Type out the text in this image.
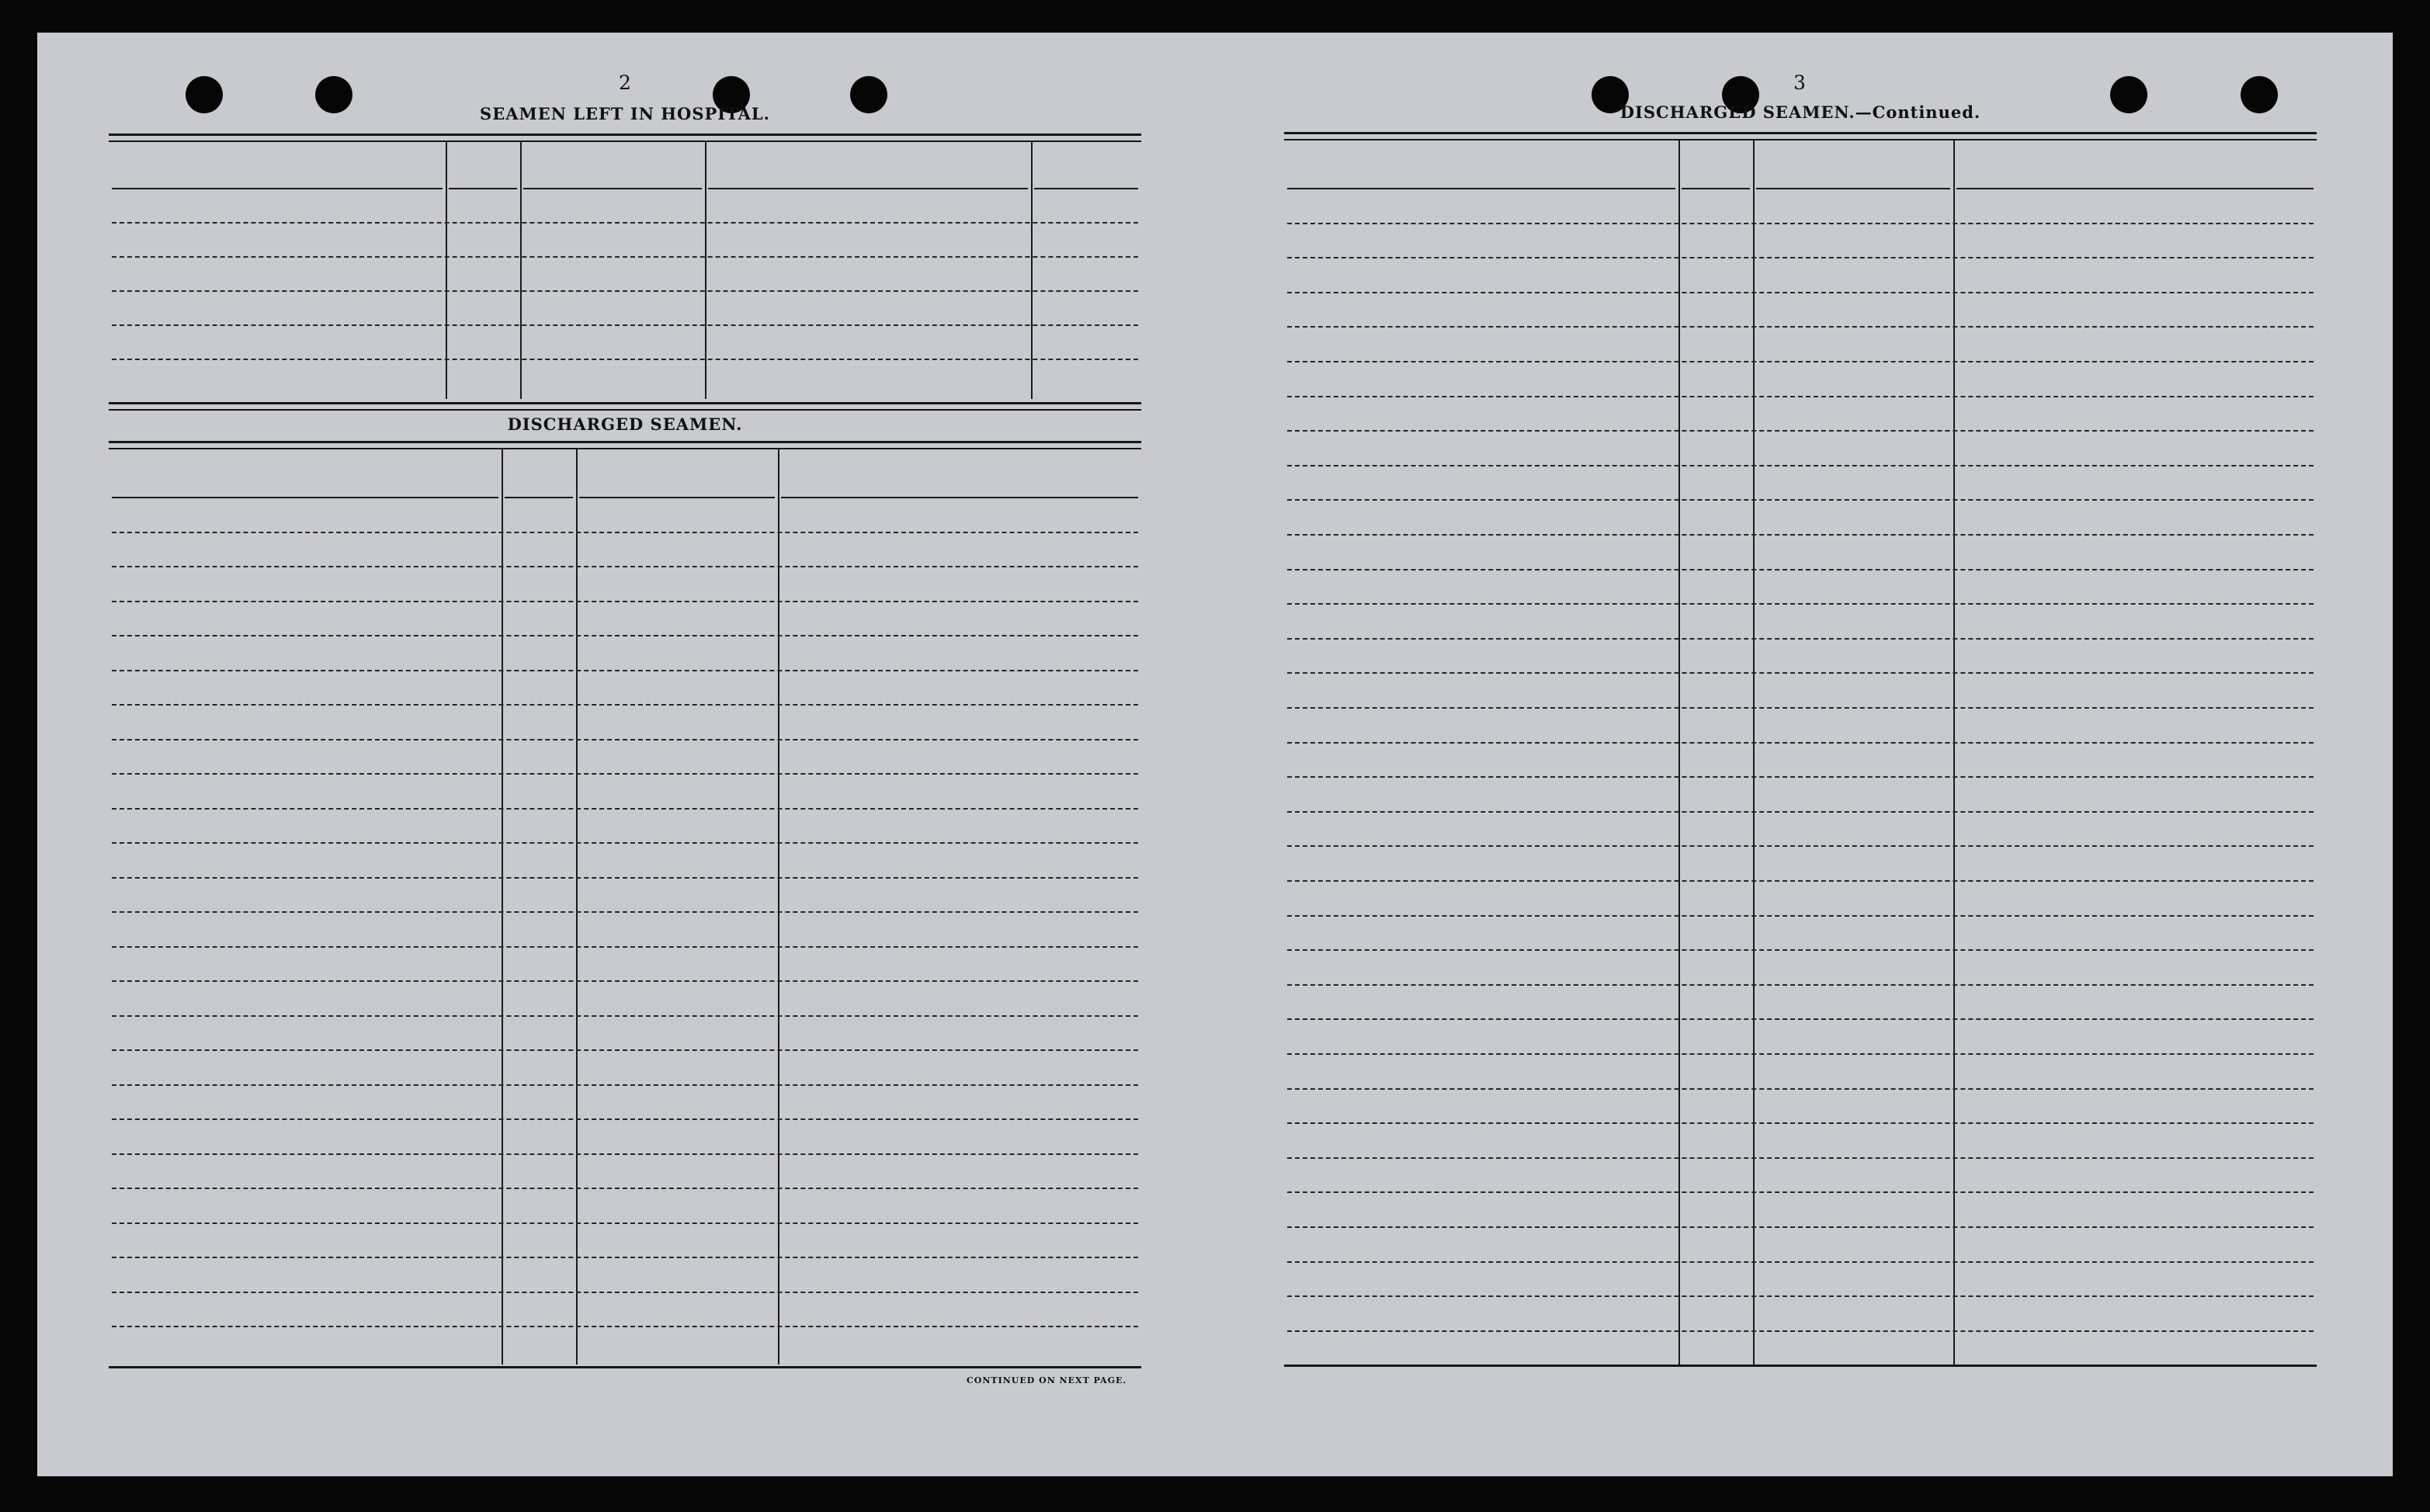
2
SEAMEN LEFT IN HOSPITAL.
DISCHARGED SEAMEN.
CONTINUED ON NEXT PAGE.
3
DISCHARGED SEAMEN.—Continued.
